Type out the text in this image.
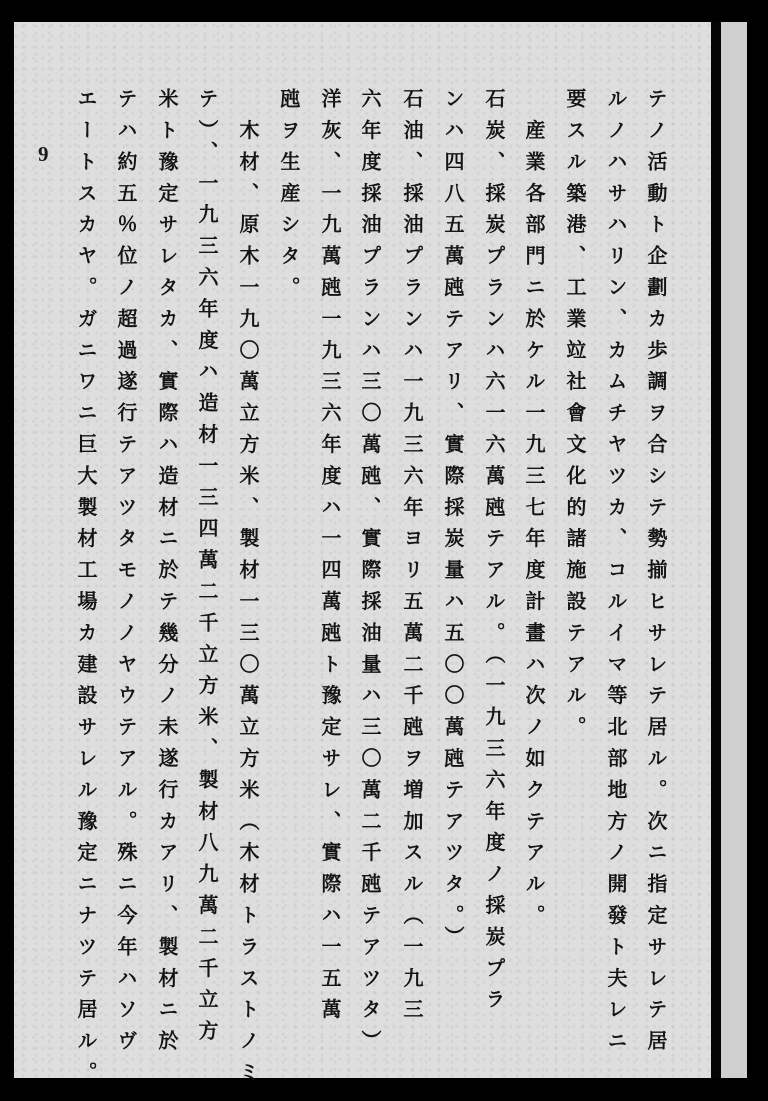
テノ活動ト企劃カ歩調ヲ合シテ勢揃ヒサレテ居ル。次ニ指定サレテ居
ルノハサハリン、カムチヤツカ、コルイマ等北部地方ノ開發ト夫レニ
要スル築港、工業竝社會文化的諸施設テアル。
　産業各部門ニ於ケル一九三七年度計畫ハ次ノ如クテアル。
石炭、採炭プランハ六一六萬瓲テアル。（一九三六年度ノ採炭プラ
ンハ四八五萬瓲テアリ、實際採炭量ハ五〇〇萬瓲テアツタ。）
石油、採油プランハ一九三六年ヨリ五萬二千瓲ヲ増加スル（一九三
六年度採油プランハ三〇萬瓲、實際採油量ハ三〇萬二千瓲テアツタ）
洋灰、一九萬瓲一九三六年度ハ一四萬瓲ト豫定サレ、實際ハ一五萬
瓲ヲ生産シタ。
　木材、原木一九〇萬立方米、製材一三〇萬立方米（木材トラストノミ
テ）、一九三六年度ハ造材一三四萬二千立方米、製材八九萬二千立方
米ト豫定サレタカ、實際ハ造材ニ於テ幾分ノ未遂行カアリ、製材ニ於
テハ約五％位ノ超過遂行テアツタモノノヤウテアル。殊ニ今年ハソヴ
エートスカヤ。ガニワニ巨大製材工場カ建設サレル豫定ニナツテ居ル。
9
